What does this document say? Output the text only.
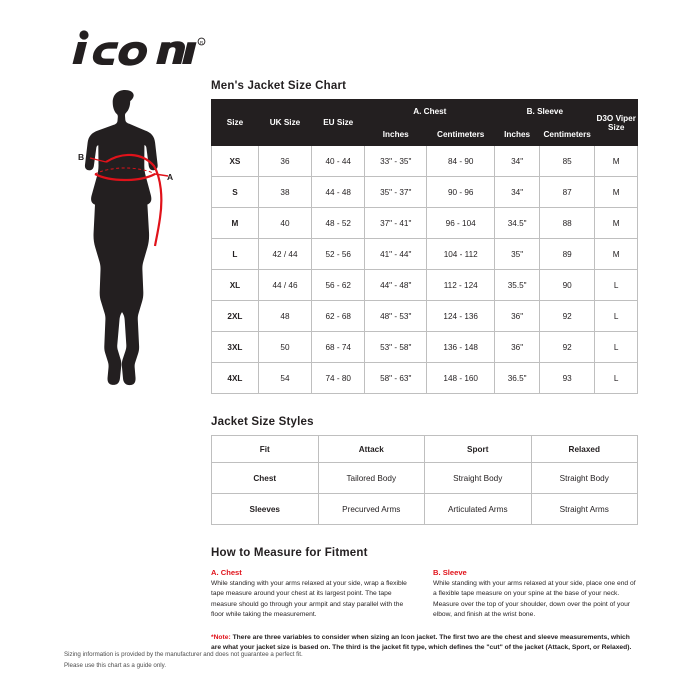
R
A
B
Men's Jacket Size Chart
Size	UK Size	EU Size	A. Chest		B. Sleeve		D3O Viper Size
			Inches	Centimeters	Inches	Centimeters	
XS	36	40 - 44	33" - 35"	84 - 90	34"	85	M
S	38	44 - 48	35" - 37"	90 - 96	34"	87	M
M	40	48 - 52	37" - 41"	96 - 104	34.5"	88	M
L	42 / 44	52 - 56	41" - 44"	104 - 112	35"	89	M
XL	44 / 46	56 - 62	44" - 48"	112 - 124	35.5"	90	L
2XL	48	62 - 68	48" - 53"	124 - 136	36"	92	L
3XL	50	68 - 74	53" - 58"	136 - 148	36"	92	L
4XL	54	74 - 80	58" - 63"	148 - 160	36.5"	93	L
Jacket Size Styles
Fit	Attack	Sport	Relaxed
Chest	Tailored Body	Straight Body	Straight Body
Sleeves	Precurved Arms	Articulated Arms	Straight Arms
How to Measure for Fitment
A. Chest
While standing with your arms relaxed at your side, wrap a flexible tape measure around your chest at its largest point. The tape measure should go through your armpit and stay parallel with the floor while taking the measurement.
B. Sleeve
While standing with your arms relaxed at your side, place one end of a flexible tape measure on your spine at the base of your neck. Measure over the top of your shoulder, down over the point of your elbow, and finish at the wrist bone.
*Note: There are three variables to consider when sizing an Icon jacket. The first two are the chest and sleeve measurements, which are what your jacket size is based on. The third is the jacket fit type, which defines the "cut" of the jacket (Attack, Sport, or Relaxed).
Sizing information is provided by the manufacturer and does not guarantee a perfect fit.
Please use this chart as a guide only.
